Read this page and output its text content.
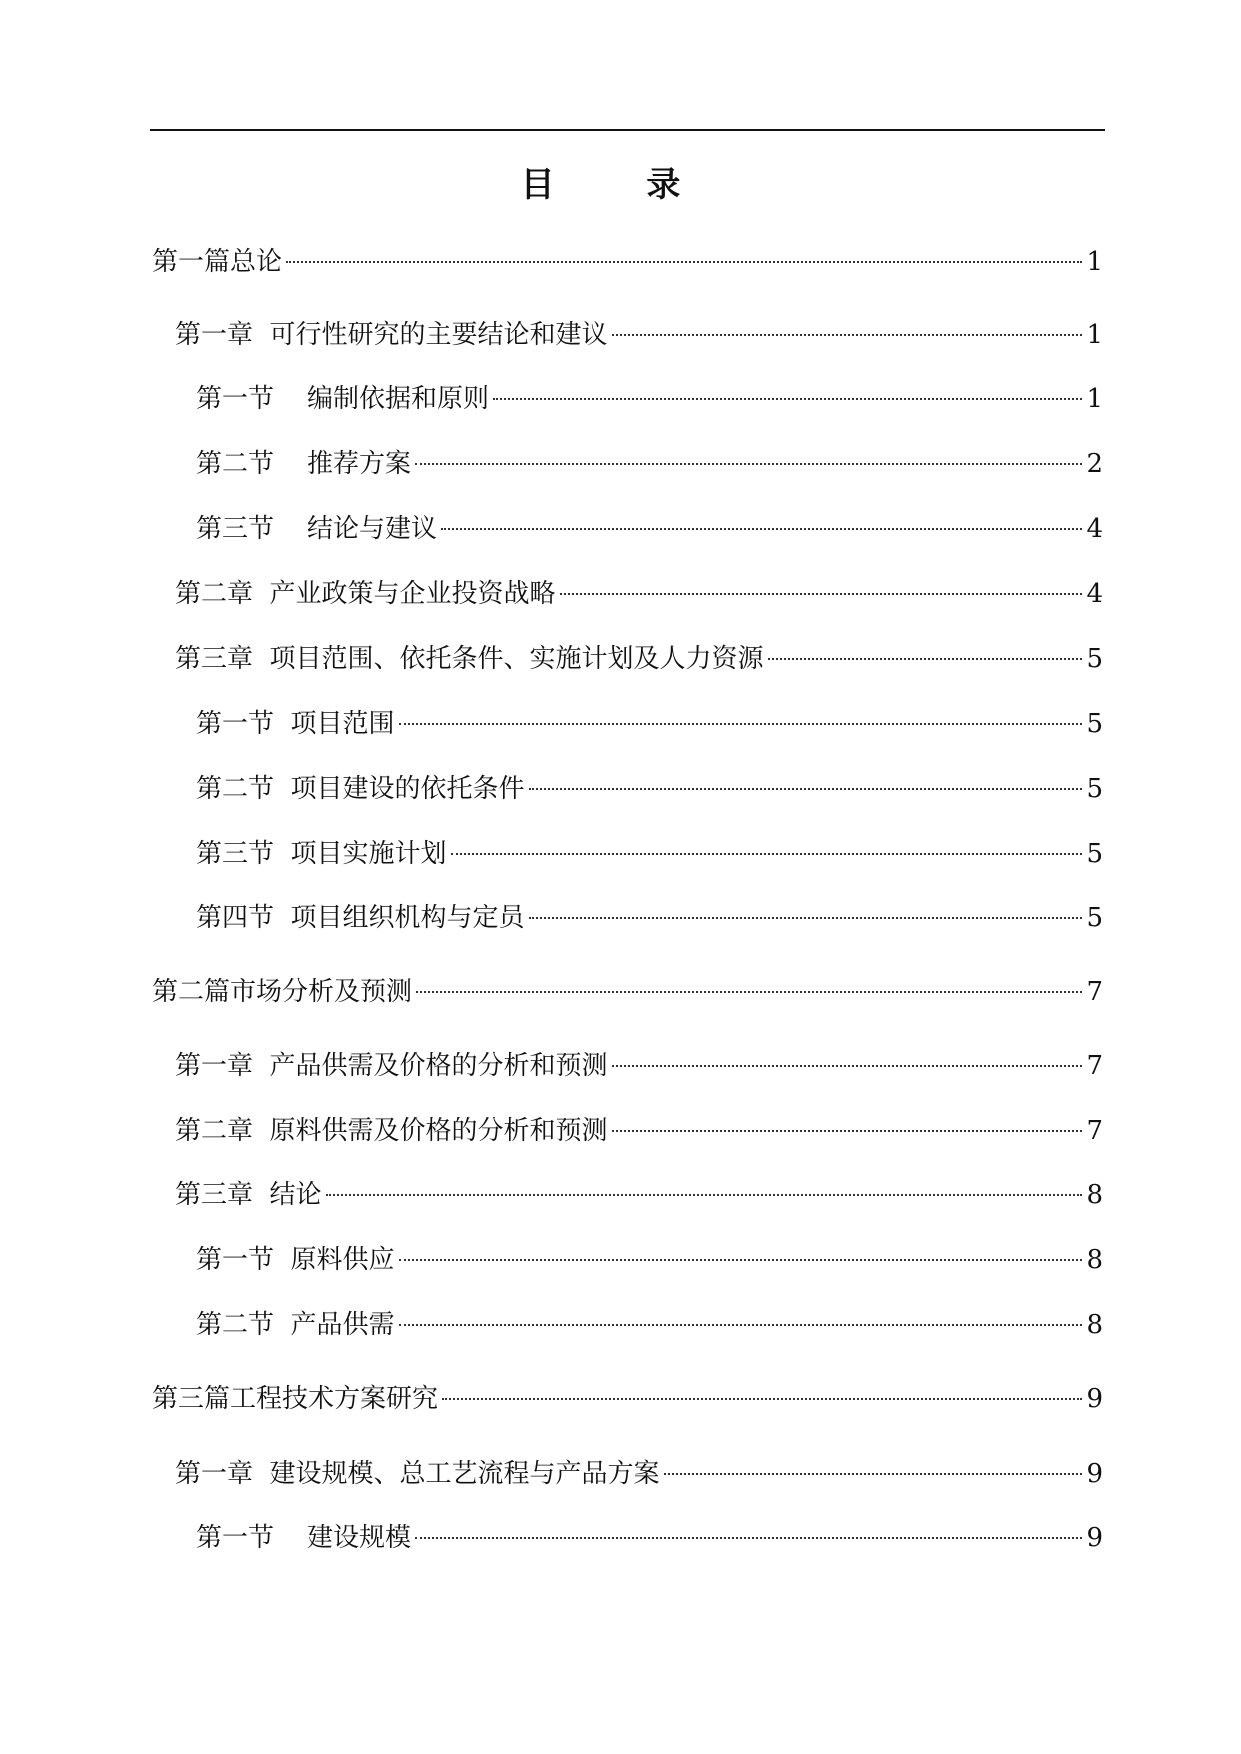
目 录
第一篇总论	1
第一章  可行性研究的主要结论和建议	1
第一节    编制依据和原则	1
第二节    推荐方案	2
第三节    结论与建议	4
第二章  产业政策与企业投资战略	4
第三章  项目范围、依托条件、实施计划及人力资源	5
第一节  项目范围	5
第二节  项目建设的依托条件	5
第三节  项目实施计划	5
第四节  项目组织机构与定员	5
第二篇市场分析及预测	7
第一章  产品供需及价格的分析和预测	7
第二章  原料供需及价格的分析和预测	7
第三章  结论	8
第一节  原料供应	8
第二节  产品供需	8
第三篇工程技术方案研究	9
第一章  建设规模、总工艺流程与产品方案	9
第一节    建设规模	9
